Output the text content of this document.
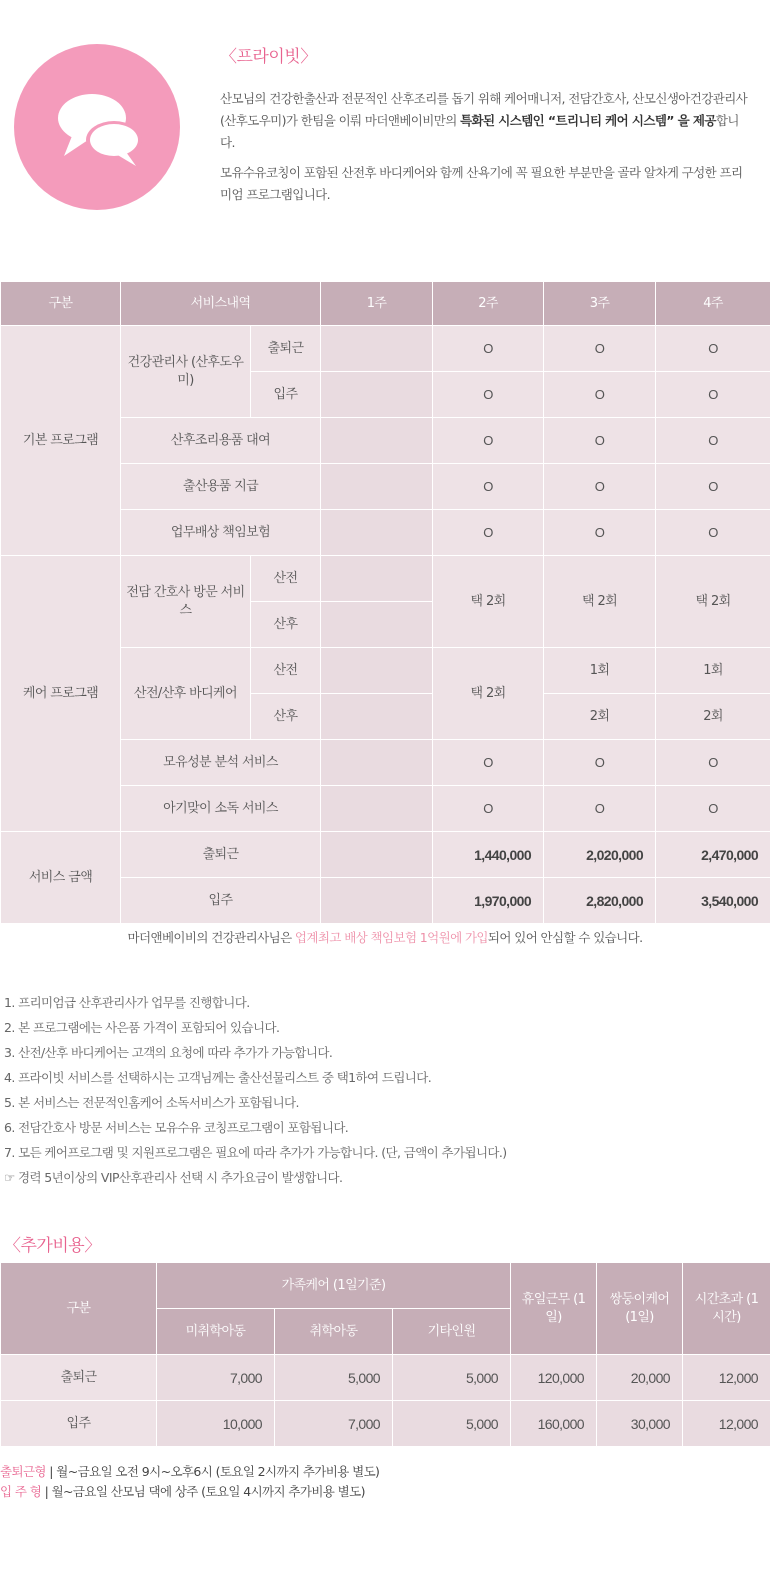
〈프라이빗〉

산모님의 건강한출산과 전문적인 산후조리를 돕기 위해 케어매니저, 전담간호사, 산모신생아건강관리사(산후도우미)가 한팀을 이뤄 마더앤베이비만의 특화된 시스템인 “트리니티 케어 시스템” 을 제공합니다.

모유수유코칭이 포함된 산전후 바디케어와 함께 산욕기에 꼭 필요한 부분만을 골라 알차게 구성한 프리미엄 프로그램입니다.

구분	서비스내역		1주	2주	3주	4주
기본 프로그램	건강관리사 (산후도우미)	출퇴근		O	O	O
		입주		O	O	O
	산후조리용품 대여			O	O	O
	출산용품 지급			O	O	O
	업무배상 책임보험			O	O	O
케어 프로그램	전담 간호사 방문 서비스	산전		택 2회	택 2회	택 2회
		산후				
	산전/산후 바디케어	산전		택 2회	1회	1회
		산후			2회	2회
	모유성분 분석 서비스			O	O	O
	아기맞이 소독 서비스			O	O	O
서비스 금액	출퇴근			1,440,000	2,020,000	2,470,000
	입주			1,970,000	2,820,000	3,540,000
마더앤베이비의 건강관리사님은 업계최고 배상 책임보험 1억원에 가입되어 있어 안심할 수 있습니다.
1. 프리미엄급 산후관리사가 업무를 진행합니다.
2. 본 프로그램에는 사은품 가격이 포함되어 있습니다.
3. 산전/산후 바디케어는 고객의 요청에 따라 추가가 가능합니다.
4. 프라이빗 서비스를 선택하시는 고객님께는 출산선물리스트 중 택1하여 드립니다.
5. 본 서비스는 전문적인홈케어 소독서비스가 포함됩니다.
6. 전담간호사 방문 서비스는 모유수유 코칭프로그램이 포함됩니다.
7. 모든 케어프로그램 및 지원프로그램은 필요에 따라 추가가 가능합니다. (단, 금액이 추가됩니다.)
☞ 경력 5년이상의 VIP산후관리사 선택 시 추가요금이 발생합니다.
〈추가비용〉
구분	가족케어 (1일기준)			휴일근무 (1일)	쌍둥이케어 (1일)	시간초과 (1시간)
	미취학아동	취학아동	기타인원			
출퇴근	7,000	5,000	5,000	120,000	20,000	12,000
입주	10,000	7,000	5,000	160,000	30,000	12,000
출퇴근형 | 월~금요일 오전 9시~오후6시 (토요일 2시까지 추가비용 별도)
입 주 형 | 월~금요일 산모님 댁에 상주 (토요일 4시까지 추가비용 별도)
